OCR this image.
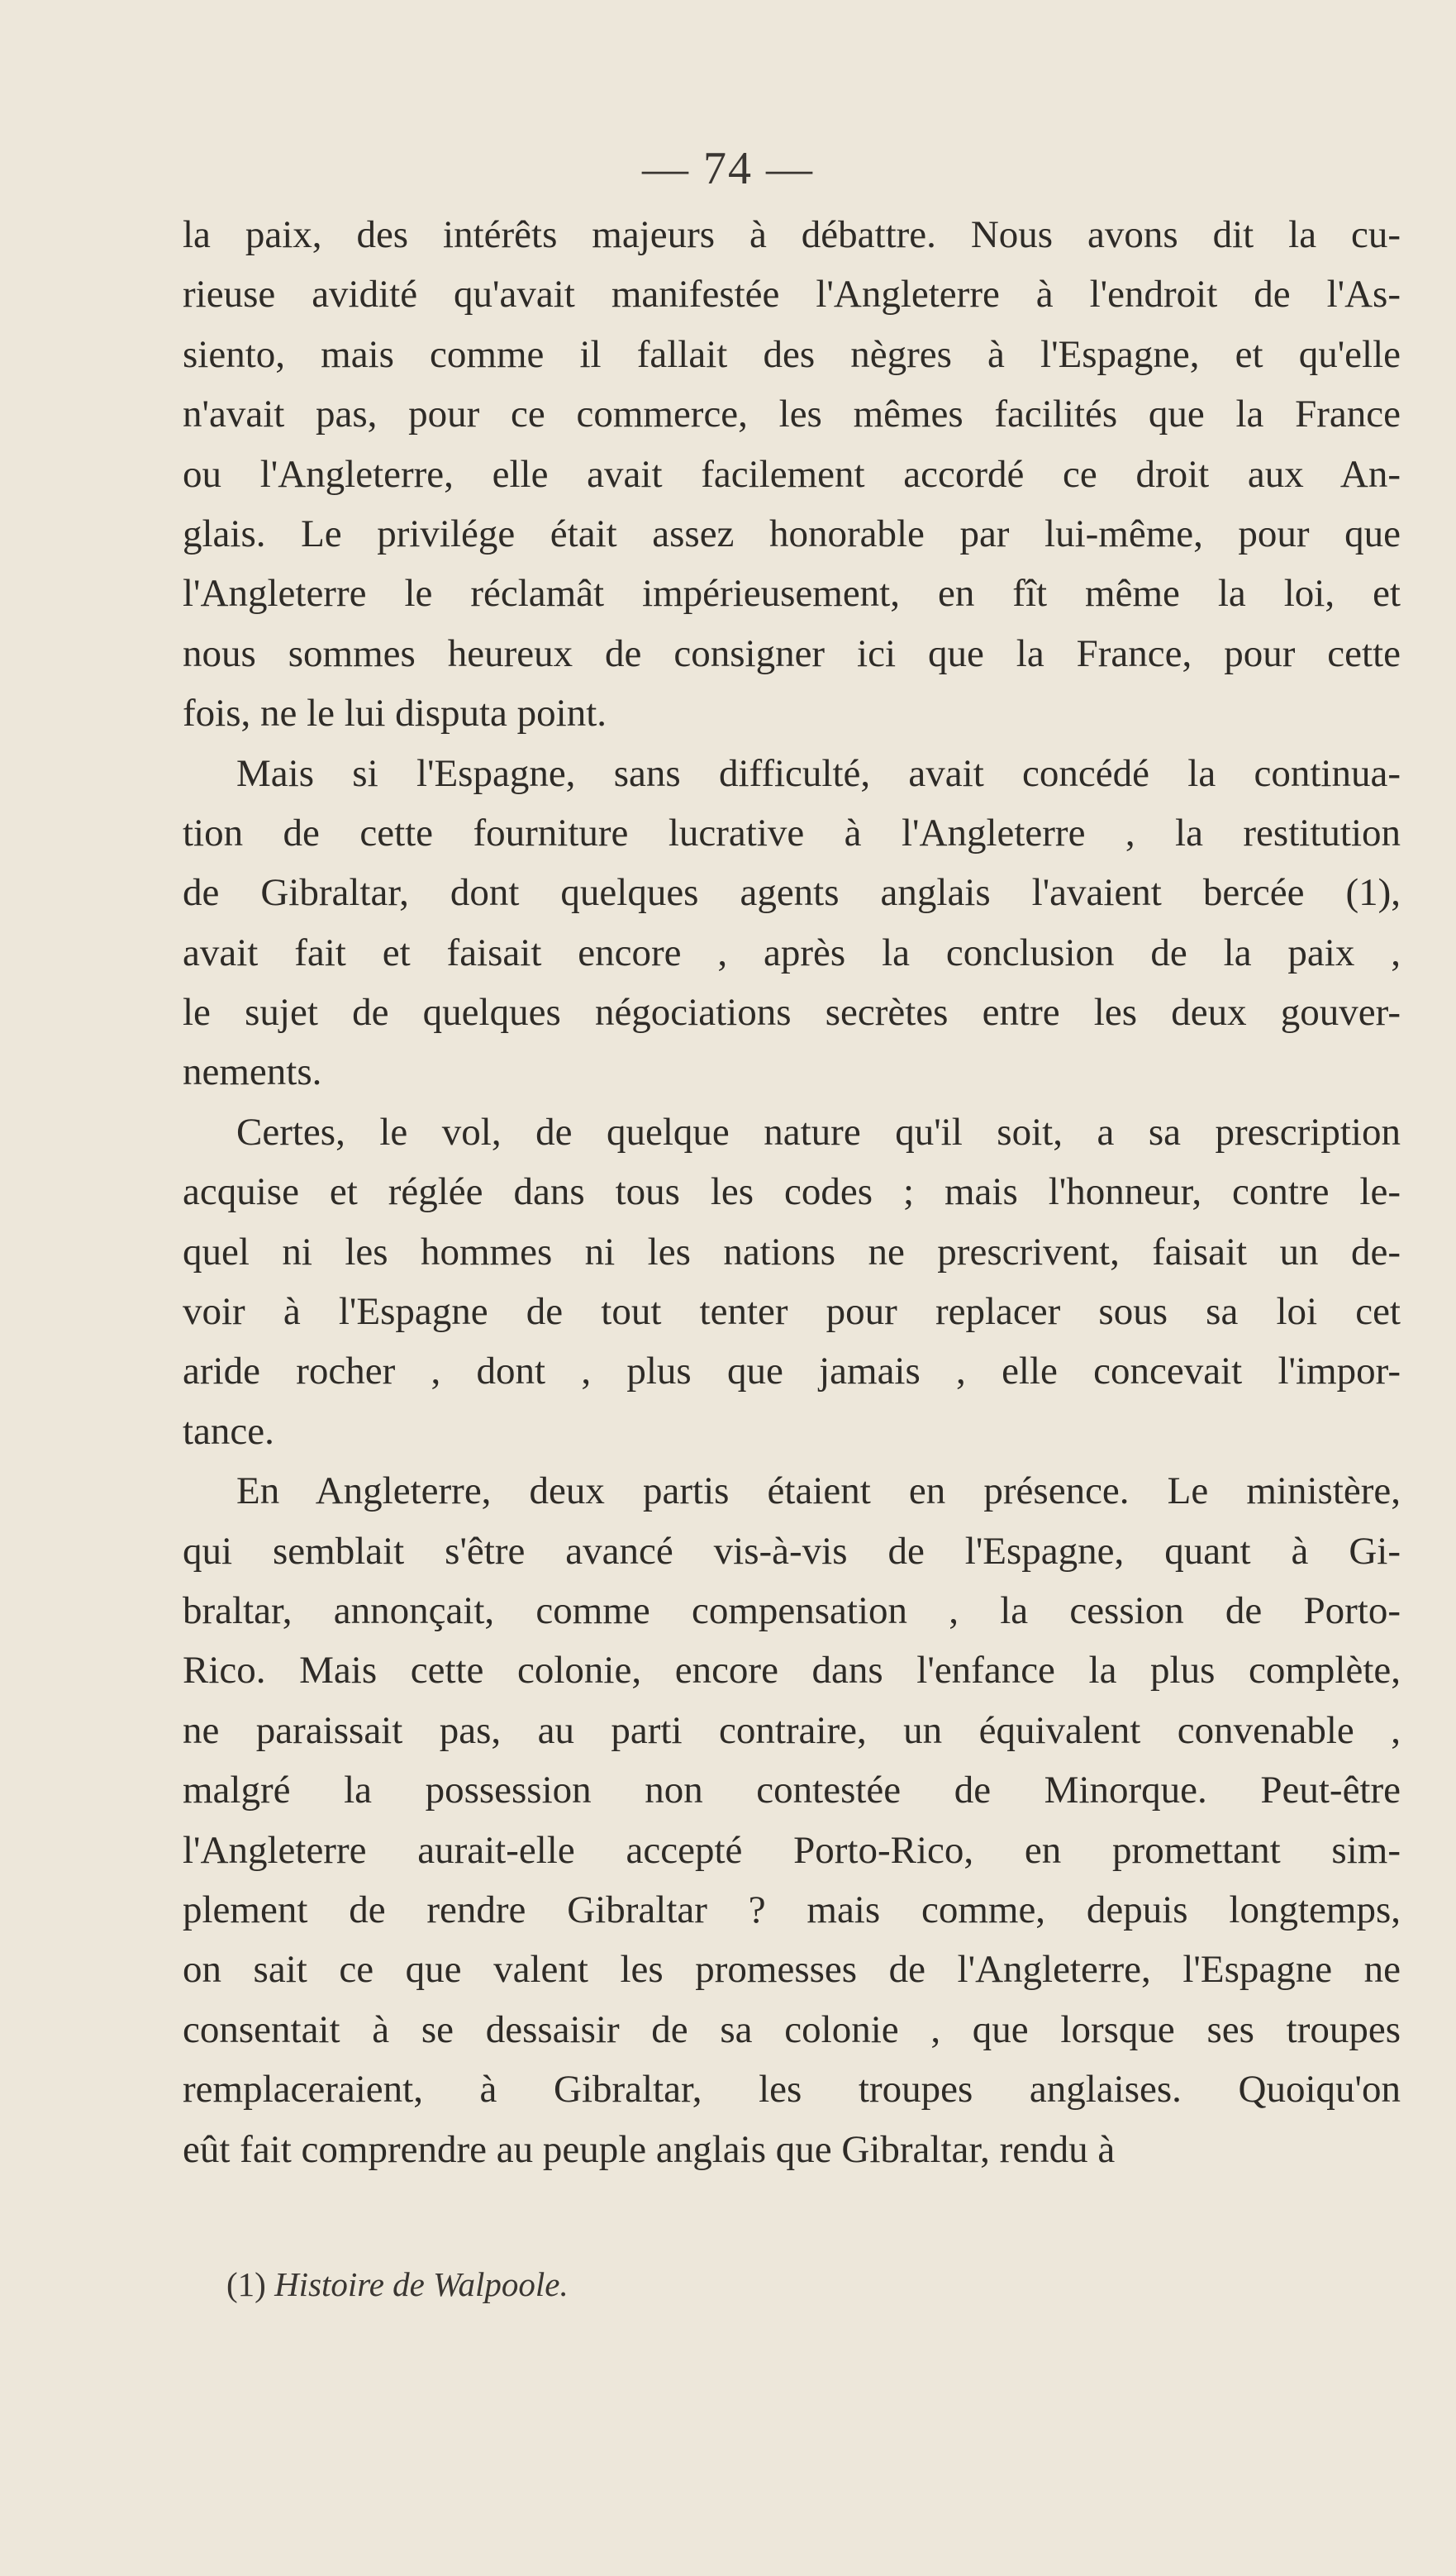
— 74 —
la paix, des intérêts majeurs à débattre. Nous avons dit la cu-
rieuse avidité qu'avait manifestée l'Angleterre à l'endroit de l'As-
siento, mais comme il fallait des nègres à l'Espagne, et qu'elle
n'avait pas, pour ce commerce, les mêmes facilités que la France
ou l'Angleterre, elle avait facilement accordé ce droit aux An-
glais. Le privilége était assez honorable par lui-même, pour que
l'Angleterre le réclamât impérieusement, en fît même la loi, et
nous sommes heureux de consigner ici que la France, pour cette
fois, ne le lui disputa point.
Mais si l'Espagne, sans difficulté, avait concédé la continua-
tion de cette fourniture lucrative à l'Angleterre , la restitution
de Gibraltar, dont quelques agents anglais l'avaient bercée (1),
avait fait et faisait encore , après la conclusion de la paix ,
le sujet de quelques négociations secrètes entre les deux gouver-
nements.
Certes, le vol, de quelque nature qu'il soit, a sa prescription
acquise et réglée dans tous les codes ; mais l'honneur, contre le-
quel ni les hommes ni les nations ne prescrivent, faisait un de-
voir à l'Espagne de tout tenter pour replacer sous sa loi cet
aride rocher , dont , plus que jamais , elle concevait l'impor-
tance.
En Angleterre, deux partis étaient en présence. Le ministère,
qui semblait s'être avancé vis-à-vis de l'Espagne, quant à Gi-
braltar, annonçait, comme compensation , la cession de Porto-
Rico. Mais cette colonie, encore dans l'enfance la plus complète,
ne paraissait pas, au parti contraire, un équivalent convenable ,
malgré la possession non contestée de Minorque. Peut-être
l'Angleterre aurait-elle accepté Porto-Rico, en promettant sim-
plement de rendre Gibraltar ? mais comme, depuis longtemps,
on sait ce que valent les promesses de l'Angleterre, l'Espagne ne
consentait à se dessaisir de sa colonie , que lorsque ses troupes
remplaceraient, à Gibraltar, les troupes anglaises. Quoiqu'on
eût fait comprendre au peuple anglais que Gibraltar, rendu à
(1) Histoire de Walpoole.
